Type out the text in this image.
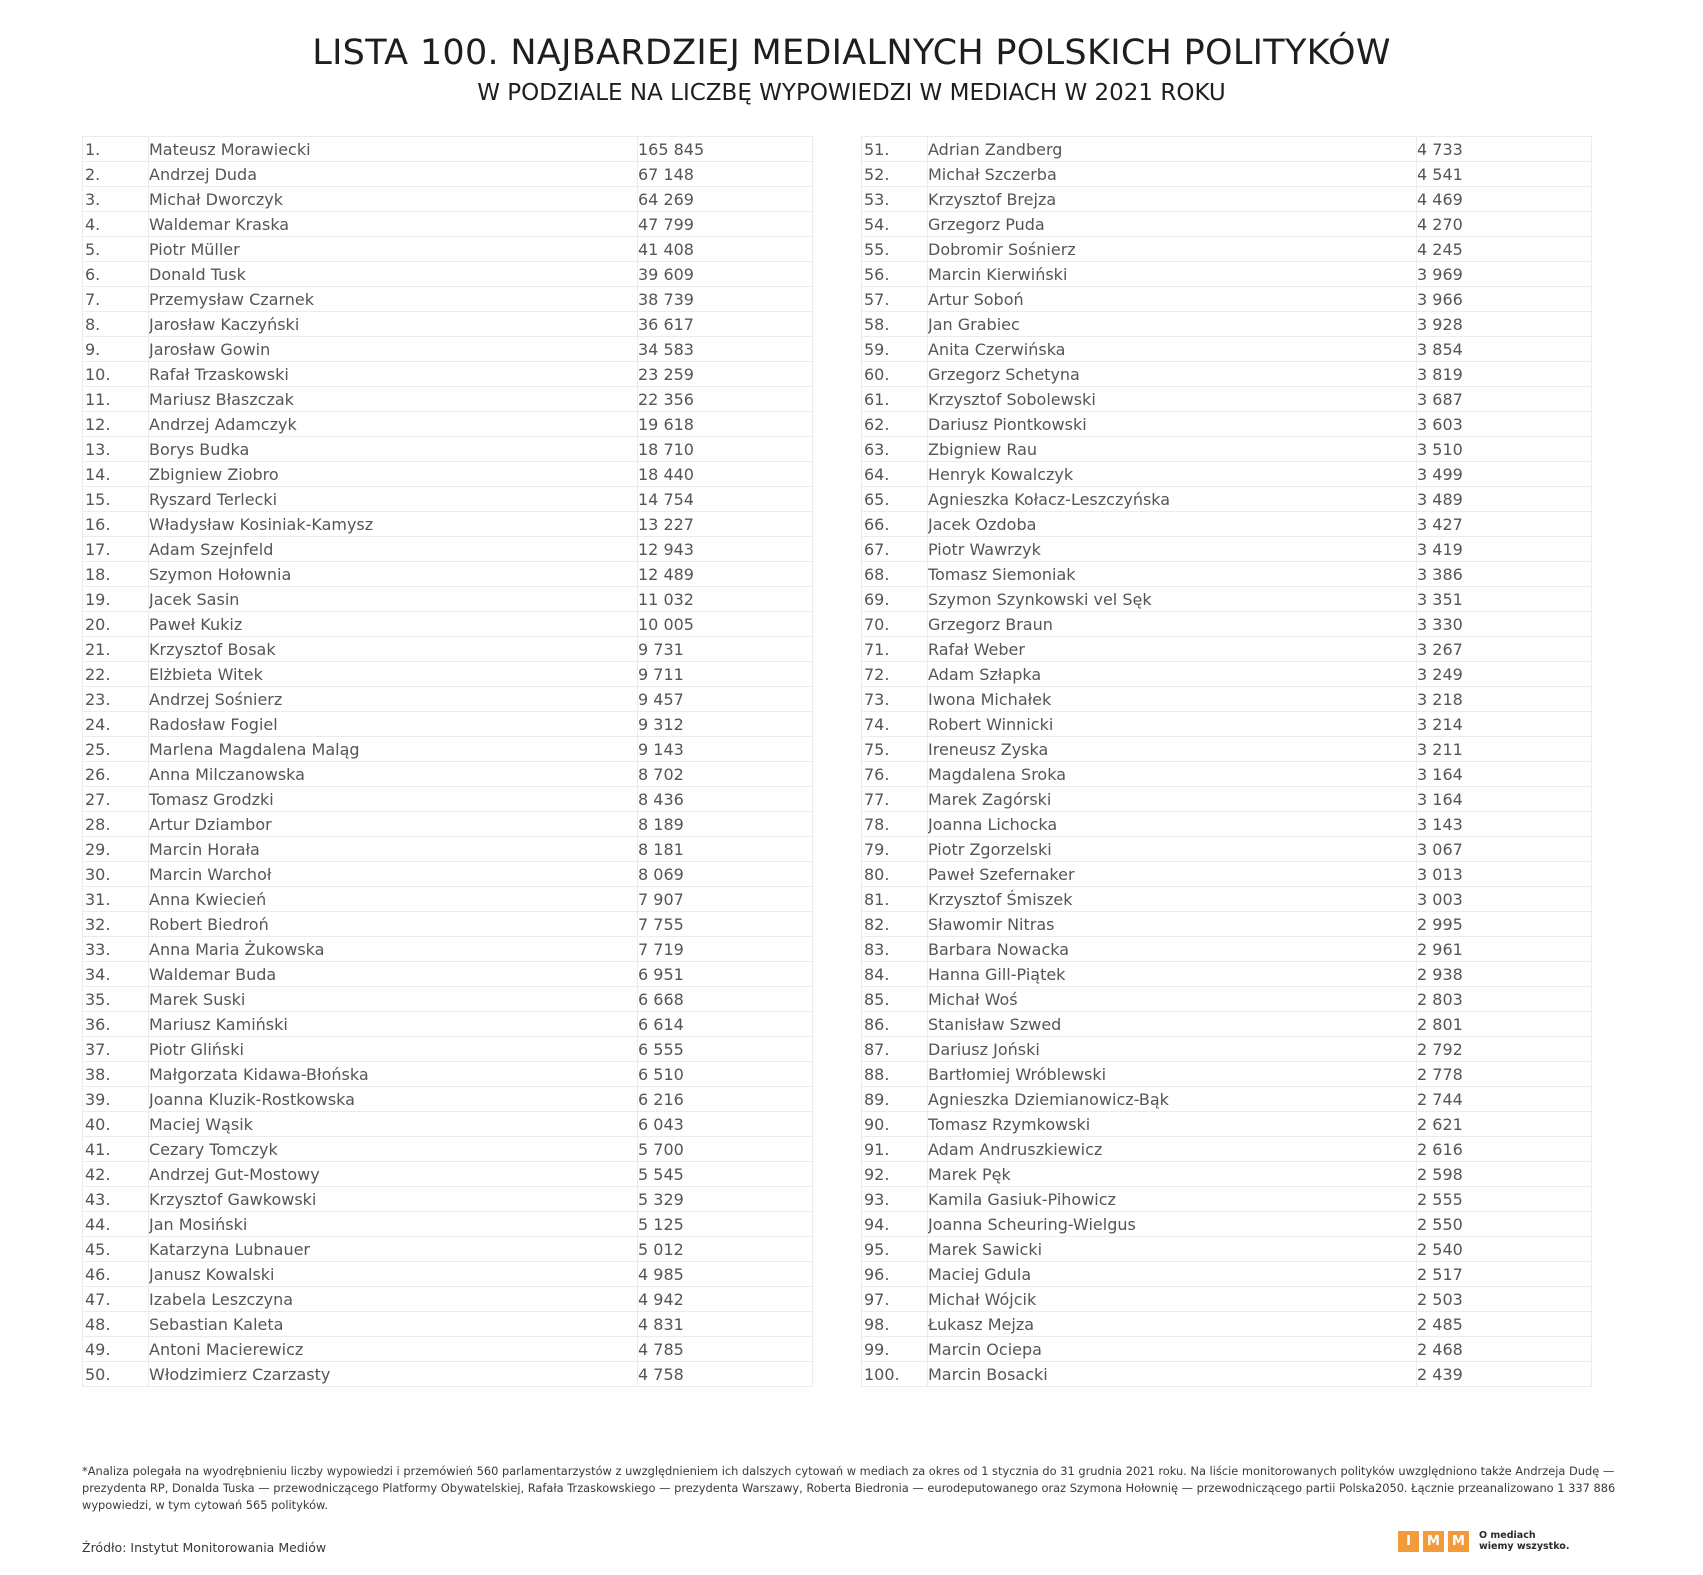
LISTA 100. NAJBARDZIEJ MEDIALNYCH POLSKICH POLITYKÓW
W PODZIALE NA LICZBĘ WYPOWIEDZI W MEDIACH W 2021 ROKU
1.	Mateusz Morawiecki	165 845
2.	Andrzej Duda	67 148
3.	Michał Dworczyk	64 269
4.	Waldemar Kraska	47 799
5.	Piotr Müller	41 408
6.	Donald Tusk	39 609
7.	Przemysław Czarnek	38 739
8.	Jarosław Kaczyński	36 617
9.	Jarosław Gowin	34 583
10.	Rafał Trzaskowski	23 259
11.	Mariusz Błaszczak	22 356
12.	Andrzej Adamczyk	19 618
13.	Borys Budka	18 710
14.	Zbigniew Ziobro	18 440
15.	Ryszard Terlecki	14 754
16.	Władysław Kosiniak-Kamysz	13 227
17.	Adam Szejnfeld	12 943
18.	Szymon Hołownia	12 489
19.	Jacek Sasin	11 032
20.	Paweł Kukiz	10 005
21.	Krzysztof Bosak	9 731
22.	Elżbieta Witek	9 711
23.	Andrzej Sośnierz	9 457
24.	Radosław Fogiel	9 312
25.	Marlena Magdalena Maląg	9 143
26.	Anna Milczanowska	8 702
27.	Tomasz Grodzki	8 436
28.	Artur Dziambor	8 189
29.	Marcin Horała	8 181
30.	Marcin Warchoł	8 069
31.	Anna Kwiecień	7 907
32.	Robert Biedroń	7 755
33.	Anna Maria Żukowska	7 719
34.	Waldemar Buda	6 951
35.	Marek Suski	6 668
36.	Mariusz Kamiński	6 614
37.	Piotr Gliński	6 555
38.	Małgorzata Kidawa-Błońska	6 510
39.	Joanna Kluzik-Rostkowska	6 216
40.	Maciej Wąsik	6 043
41.	Cezary Tomczyk	5 700
42.	Andrzej Gut-Mostowy	5 545
43.	Krzysztof Gawkowski	5 329
44.	Jan Mosiński	5 125
45.	Katarzyna Lubnauer	5 012
46.	Janusz Kowalski	4 985
47.	Izabela Leszczyna	4 942
48.	Sebastian Kaleta	4 831
49.	Antoni Macierewicz	4 785
50.	Włodzimierz Czarzasty	4 758
51.	Adrian Zandberg	4 733
52.	Michał Szczerba	4 541
53.	Krzysztof Brejza	4 469
54.	Grzegorz Puda	4 270
55.	Dobromir Sośnierz	4 245
56.	Marcin Kierwiński	3 969
57.	Artur Soboń	3 966
58.	Jan Grabiec	3 928
59.	Anita Czerwińska	3 854
60.	Grzegorz Schetyna	3 819
61.	Krzysztof Sobolewski	3 687
62.	Dariusz Piontkowski	3 603
63.	Zbigniew Rau	3 510
64.	Henryk Kowalczyk	3 499
65.	Agnieszka Kołacz-Leszczyńska	3 489
66.	Jacek Ozdoba	3 427
67.	Piotr Wawrzyk	3 419
68.	Tomasz Siemoniak	3 386
69.	Szymon Szynkowski vel Sęk	3 351
70.	Grzegorz Braun	3 330
71.	Rafał Weber	3 267
72.	Adam Szłapka	3 249
73.	Iwona Michałek	3 218
74.	Robert Winnicki	3 214
75.	Ireneusz Zyska	3 211
76.	Magdalena Sroka	3 164
77.	Marek Zagórski	3 164
78.	Joanna Lichocka	3 143
79.	Piotr Zgorzelski	3 067
80.	Paweł Szefernaker	3 013
81.	Krzysztof Śmiszek	3 003
82.	Sławomir Nitras	2 995
83.	Barbara Nowacka	2 961
84.	Hanna Gill-Piątek	2 938
85.	Michał Woś	2 803
86.	Stanisław Szwed	2 801
87.	Dariusz Joński	2 792
88.	Bartłomiej Wróblewski	2 778
89.	Agnieszka Dziemianowicz-Bąk	2 744
90.	Tomasz Rzymkowski	2 621
91.	Adam Andruszkiewicz	2 616
92.	Marek Pęk	2 598
93.	Kamila Gasiuk-Pihowicz	2 555
94.	Joanna Scheuring-Wielgus	2 550
95.	Marek Sawicki	2 540
96.	Maciej Gdula	2 517
97.	Michał Wójcik	2 503
98.	Łukasz Mejza	2 485
99.	Marcin Ociepa	2 468
100.	Marcin Bosacki	2 439
*Analiza polegała na wyodrębnieniu liczby wypowiedzi i przemówień 560 parlamentarzystów z uwzględnieniem ich dalszych cytowań w mediach za okres od 1 stycznia do 31 grudnia 2021 roku. Na liście monitorowanych polityków uwzględniono także Andrzeja Dudę — prezydenta RP, Donalda Tuska — przewodniczącego Platformy Obywatelskiej, Rafała Trzaskowskiego — prezydenta Warszawy, Roberta Biedronia — eurodeputowanego oraz Szymona Hołownię — przewodniczącego partii Polska2050. Łącznie przeanalizowano 1 337 886 wypowiedzi, w tym cytowań 565 polityków.
Źródło: Instytut Monitorowania Mediów	I	M M	O mediach
wiemy wszystko.
